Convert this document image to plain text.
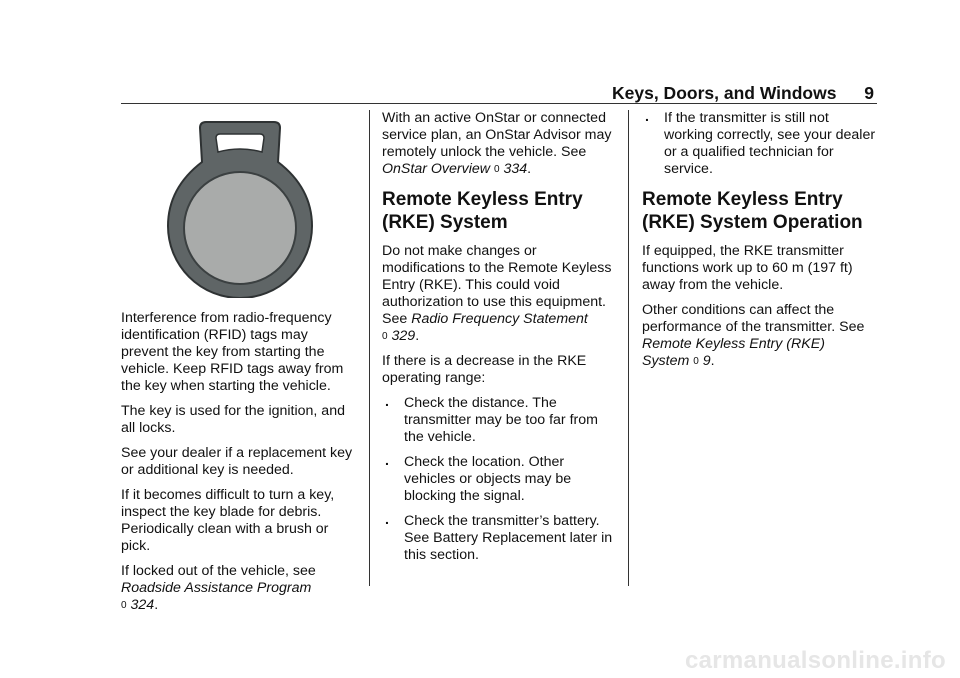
Keys, Doors, and Windows 9

Interference from radio-frequency identification (RFID) tags may prevent the key from starting the vehicle. Keep RFID tags away from the key when starting the vehicle.

The key is used for the ignition, and all locks.

See your dealer if a replacement key or additional key is needed.

If it becomes difficult to turn a key, inspect the key blade for debris. Periodically clean with a brush or pick.

If locked out of the vehicle, see
Roadside Assistance Program
0 324.

With an active OnStar or connected service plan, an OnStar Advisor may remotely unlock the vehicle. See OnStar Overview 0 334.

Remote Keyless Entry (RKE) System

Do not make changes or modifications to the Remote Keyless Entry (RKE). This could void authorization to use this equipment. See Radio Frequency Statement
0 329.

If there is a decrease in the RKE operating range:

. Check the distance. The transmitter may be too far from the vehicle.
. Check the location. Other vehicles or objects may be blocking the signal.
. Check the transmitter’s battery. See Battery Replacement later in this section.
. If the transmitter is still not working correctly, see your dealer or a qualified technician for service.
Remote Keyless Entry (RKE) System Operation

If equipped, the RKE transmitter functions work up to 60 m (197 ft) away from the vehicle.

Other conditions can affect the performance of the transmitter. See Remote Keyless Entry (RKE) System 0 9.

carmanualsonline.info
